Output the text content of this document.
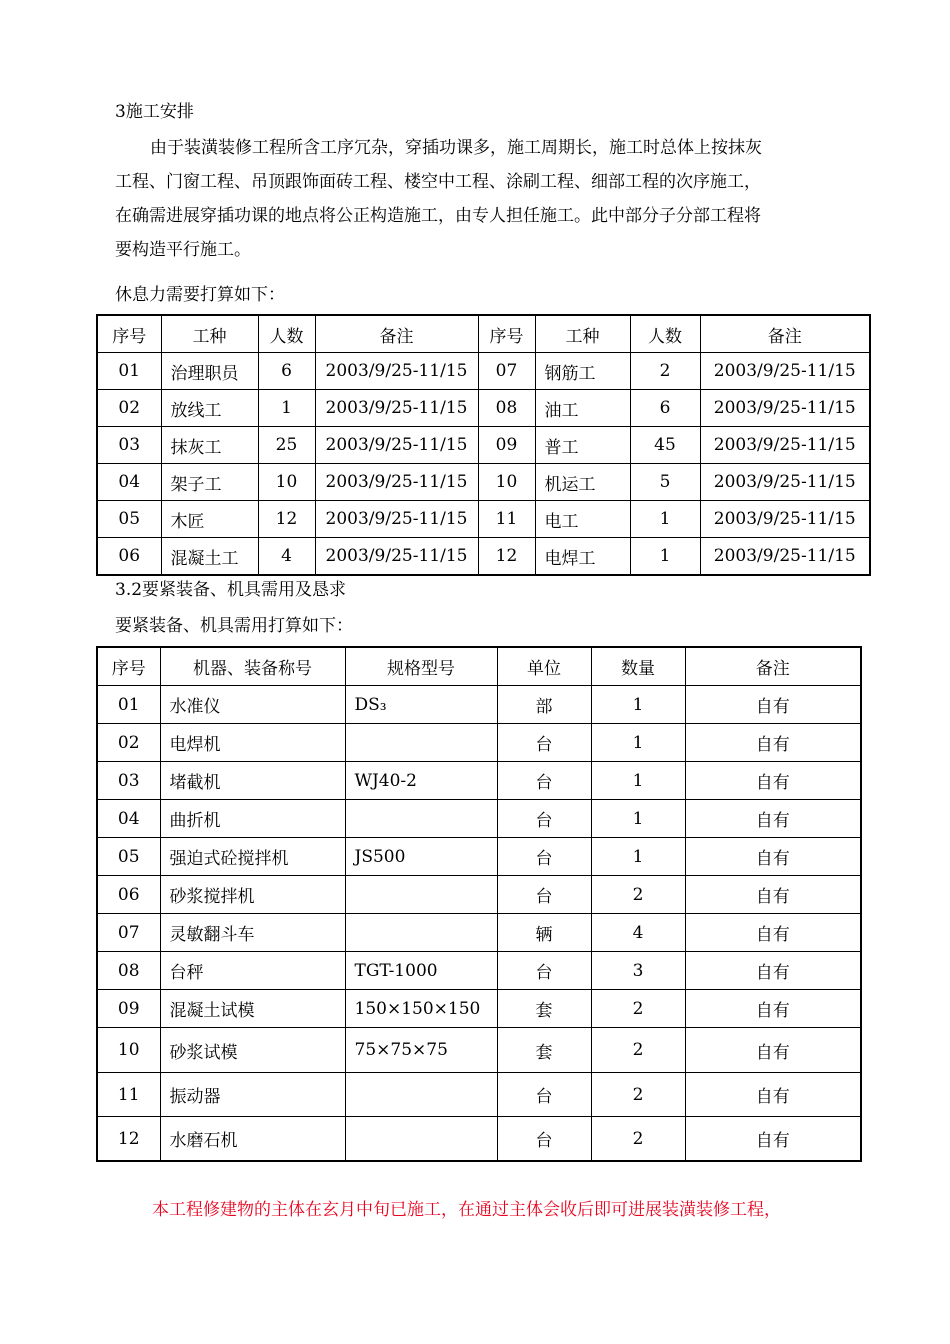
3施工安排

由于装潢装修工程所含工序冗杂，穿插功课多，施工周期长，施工时总体上按抹灰

工程、门窗工程、吊顶跟饰面砖工程、楼空中工程、涂刷工程、细部工程的次序施工，

在确需进展穿插功课的地点将公正构造施工，由专人担任施工。此中部分子分部工程将

要构造平行施工。

休息力需要打算如下：
序号	工种	人数	备注	序号	工种	人数	备注
01	治理职员	6	2003/9/25-11/15	07	钢筋工	2	2003/9/25-11/15
02	放线工	1	2003/9/25-11/15	08	油工	6	2003/9/25-11/15
03	抹灰工	25	2003/9/25-11/15	09	普工	45	2003/9/25-11/15
04	架子工	10	2003/9/25-11/15	10	机运工	5	2003/9/25-11/15
05	木匠	12	2003/9/25-11/15	11	电工	1	2003/9/25-11/15
06	混凝土工	4	2003/9/25-11/15	12	电焊工	1	2003/9/25-11/15
3.2要紧装备、机具需用及恳求
要紧装备、机具需用打算如下：
序号	机器、装备称号	规格型号	单位	数量	备注
01	水准仪	DS₃	部	1	自有
02	电焊机		台	1	自有
03	堵截机	WJ40-2	台	1	自有
04	曲折机		台	1	自有
05	强迫式砼搅拌机	JS500	台	1	自有
06	砂浆搅拌机		台	2	自有
07	灵敏翻斗车		辆	4	自有
08	台秤	TGT-1000	台	3	自有
09	混凝土试模	150×150×150	套	2	自有
10	砂浆试模	75×75×75	套	2	自有
11	振动器		台	2	自有
12	水磨石机		台	2	自有
本工程修建物的主体在玄月中旬已施工，在通过主体会收后即可进展装潢装修工程，
